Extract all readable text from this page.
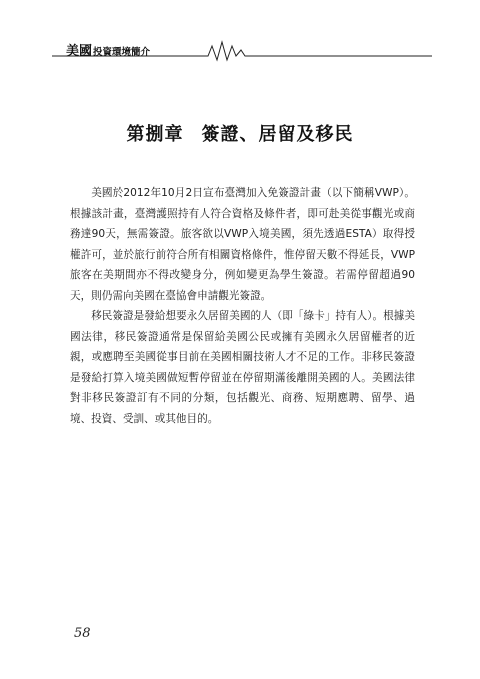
美國投資環境簡介
第捌章 簽證、居留及移民

美國於2012年10月2日宣布臺灣加入免簽證計畫（以下簡稱VWP）。根據該計畫，臺灣護照持有人符合資格及條件者，即可赴美從事觀光或商務達90天，無需簽證。旅客欲以VWP入境美國，須先透過ESTA）取得授權許可，並於旅行前符合所有相關資格條件，惟停留天數不得延長，VWP旅客在美期間亦不得改變身分，例如變更為學生簽證。若需停留超過90天，則仍需向美國在臺協會申請觀光簽證。

移民簽證是發給想要永久居留美國的人（即「綠卡」持有人）。根據美國法律，移民簽證通常是保留給美國公民或擁有美國永久居留權者的近親，或應聘至美國從事目前在美國相關技術人才不足的工作。非移民簽證是發給打算入境美國做短暫停留並在停留期滿後離開美國的人。美國法律對非移民簽證訂有不同的分類，包括觀光、商務、短期應聘、留學、過境、投資、受訓、或其他目的。

58
